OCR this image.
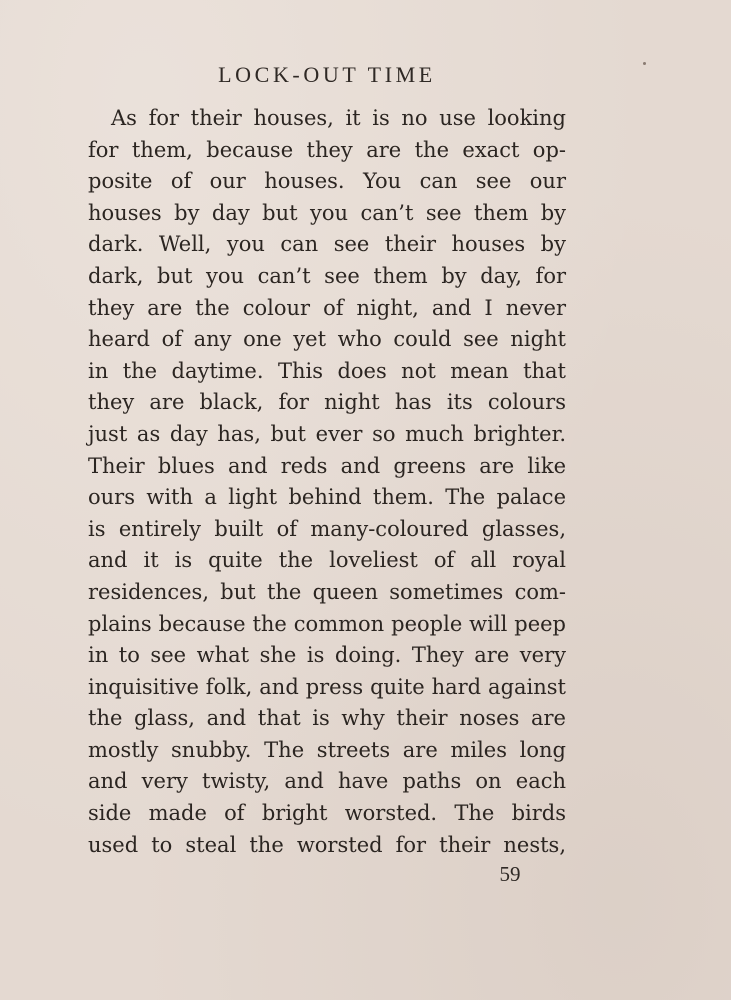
LOCK-OUT TIME
As for their houses, it is no use looking
for them, because they are the exact op-
posite of our houses. You can see our
houses by day but you can’t see them by
dark. Well, you can see their houses by
dark, but you can’t see them by day, for
they are the colour of night, and I never
heard of any one yet who could see night
in the daytime. This does not mean that
they are black, for night has its colours
just as day has, but ever so much brighter.
Their blues and reds and greens are like
ours with a light behind them. The palace
is entirely built of many-coloured glasses,
and it is quite the loveliest of all royal
residences, but the queen sometimes com-
plains because the common people will peep
in to see what she is doing. They are very
inquisitive folk, and press quite hard against
the glass, and that is why their noses are
mostly snubby. The streets are miles long
and very twisty, and have paths on each
side made of bright worsted. The birds
used to steal the worsted for their nests,
59
